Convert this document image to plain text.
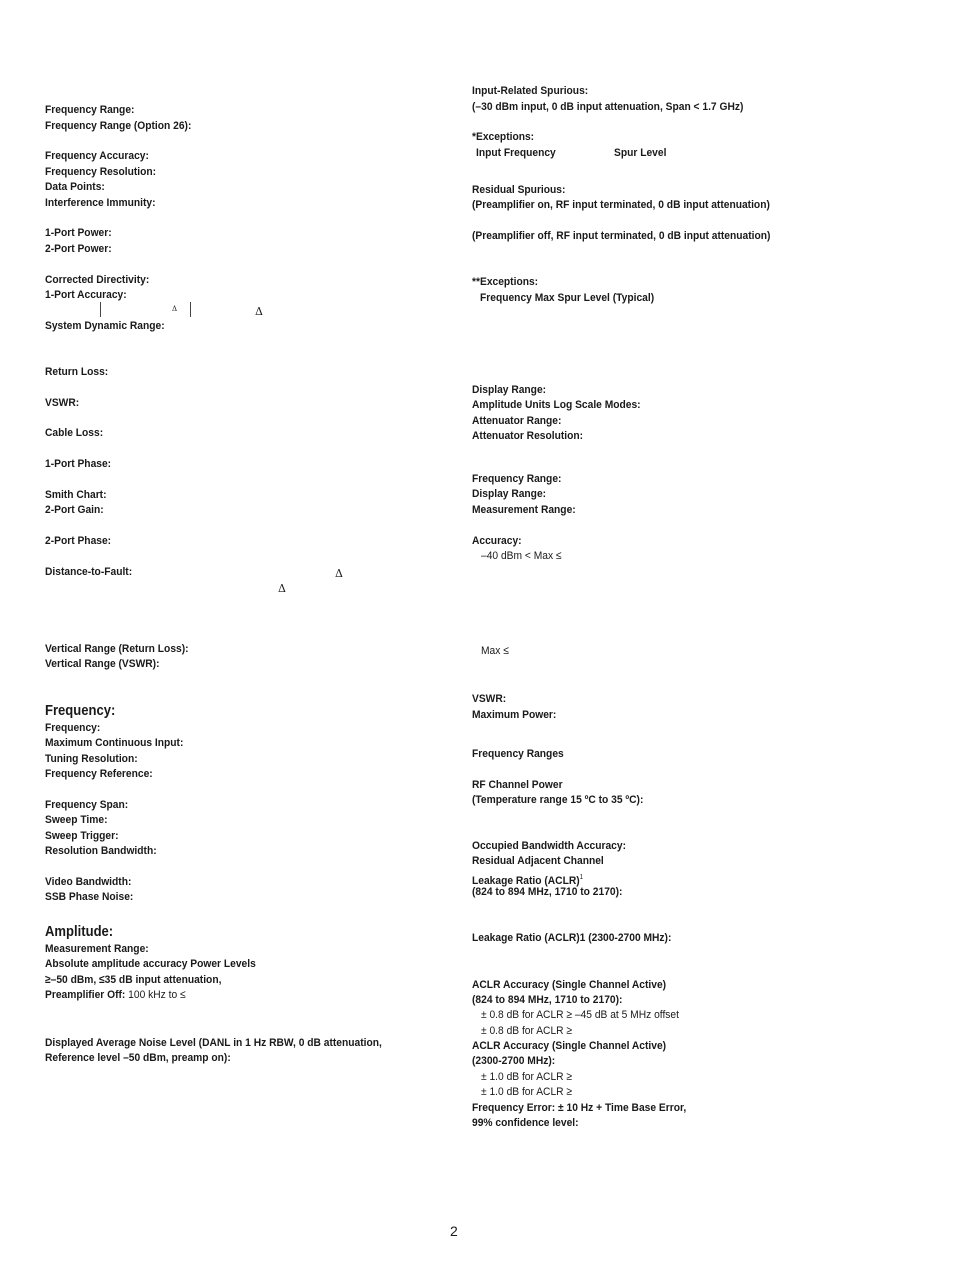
Frequency Range:
Frequency Range (Option 26):
Frequency Accuracy:
Frequency Resolution:
Data Points:
Interference Immunity:
1-Port Power:
2-Port Power:
Corrected Directivity:
1-Port Accuracy:
Δ	Δ
System Dynamic Range:
Return Loss:
VSWR:
Cable Loss:
1-Port Phase:
Smith Chart:
2-Port Gain:
2-Port Phase:
Distance-to-Fault:	Δ
Δ
Vertical Range (Return Loss):
Vertical Range (VSWR):
Frequency:
Frequency:
Maximum Continuous Input:
Tuning Resolution:
Frequency Reference:
Frequency Span:
Sweep Time:
Sweep Trigger:
Resolution Bandwidth:
Video Bandwidth:
SSB Phase Noise:
Amplitude:
Measurement Range:
Absolute amplitude accuracy Power Levels
≥–50 dBm, ≤35 dB input attenuation,
Preamplifier Off: 100 kHz to ≤
Displayed Average Noise Level (DANL in 1 Hz RBW, 0 dB attenuation,
Reference level –50 dBm, preamp on):
Input-Related Spurious:
(–30 dBm input, 0 dB input attenuation, Span < 1.7 GHz)
*Exceptions:
Input Frequency	Spur Level
Residual Spurious:
(Preamplifier on, RF input terminated, 0 dB input attenuation)
(Preamplifier off, RF input terminated, 0 dB input attenuation)
**Exceptions:
Frequency Max Spur Level (Typical)
Display Range:
Amplitude Units Log Scale Modes:
Attenuator Range:
Attenuator Resolution:
Frequency Range:
Display Range:
Measurement Range:
Accuracy:
–40 dBm < Max ≤
Max ≤
VSWR:
Maximum Power:
Frequency Ranges
RF Channel Power
(Temperature range 15 ºC to 35 ºC):
Occupied Bandwidth Accuracy:
Residual Adjacent Channel
Leakage Ratio (ACLR)$^1$
(824 to 894 MHz, 1710 to 2170):
Leakage Ratio (ACLR)1 (2300-2700 MHz):
ACLR Accuracy (Single Channel Active)
(824 to 894 MHz, 1710 to 2170):
± 0.8 dB for ACLR ≥ –45 dB at 5 MHz offset
± 0.8 dB for ACLR ≥
ACLR Accuracy (Single Channel Active)
(2300-2700 MHz):
± 1.0 dB for ACLR ≥
± 1.0 dB for ACLR ≥
Frequency Error: ± 10 Hz + Time Base Error,
99% confidence level:
2
